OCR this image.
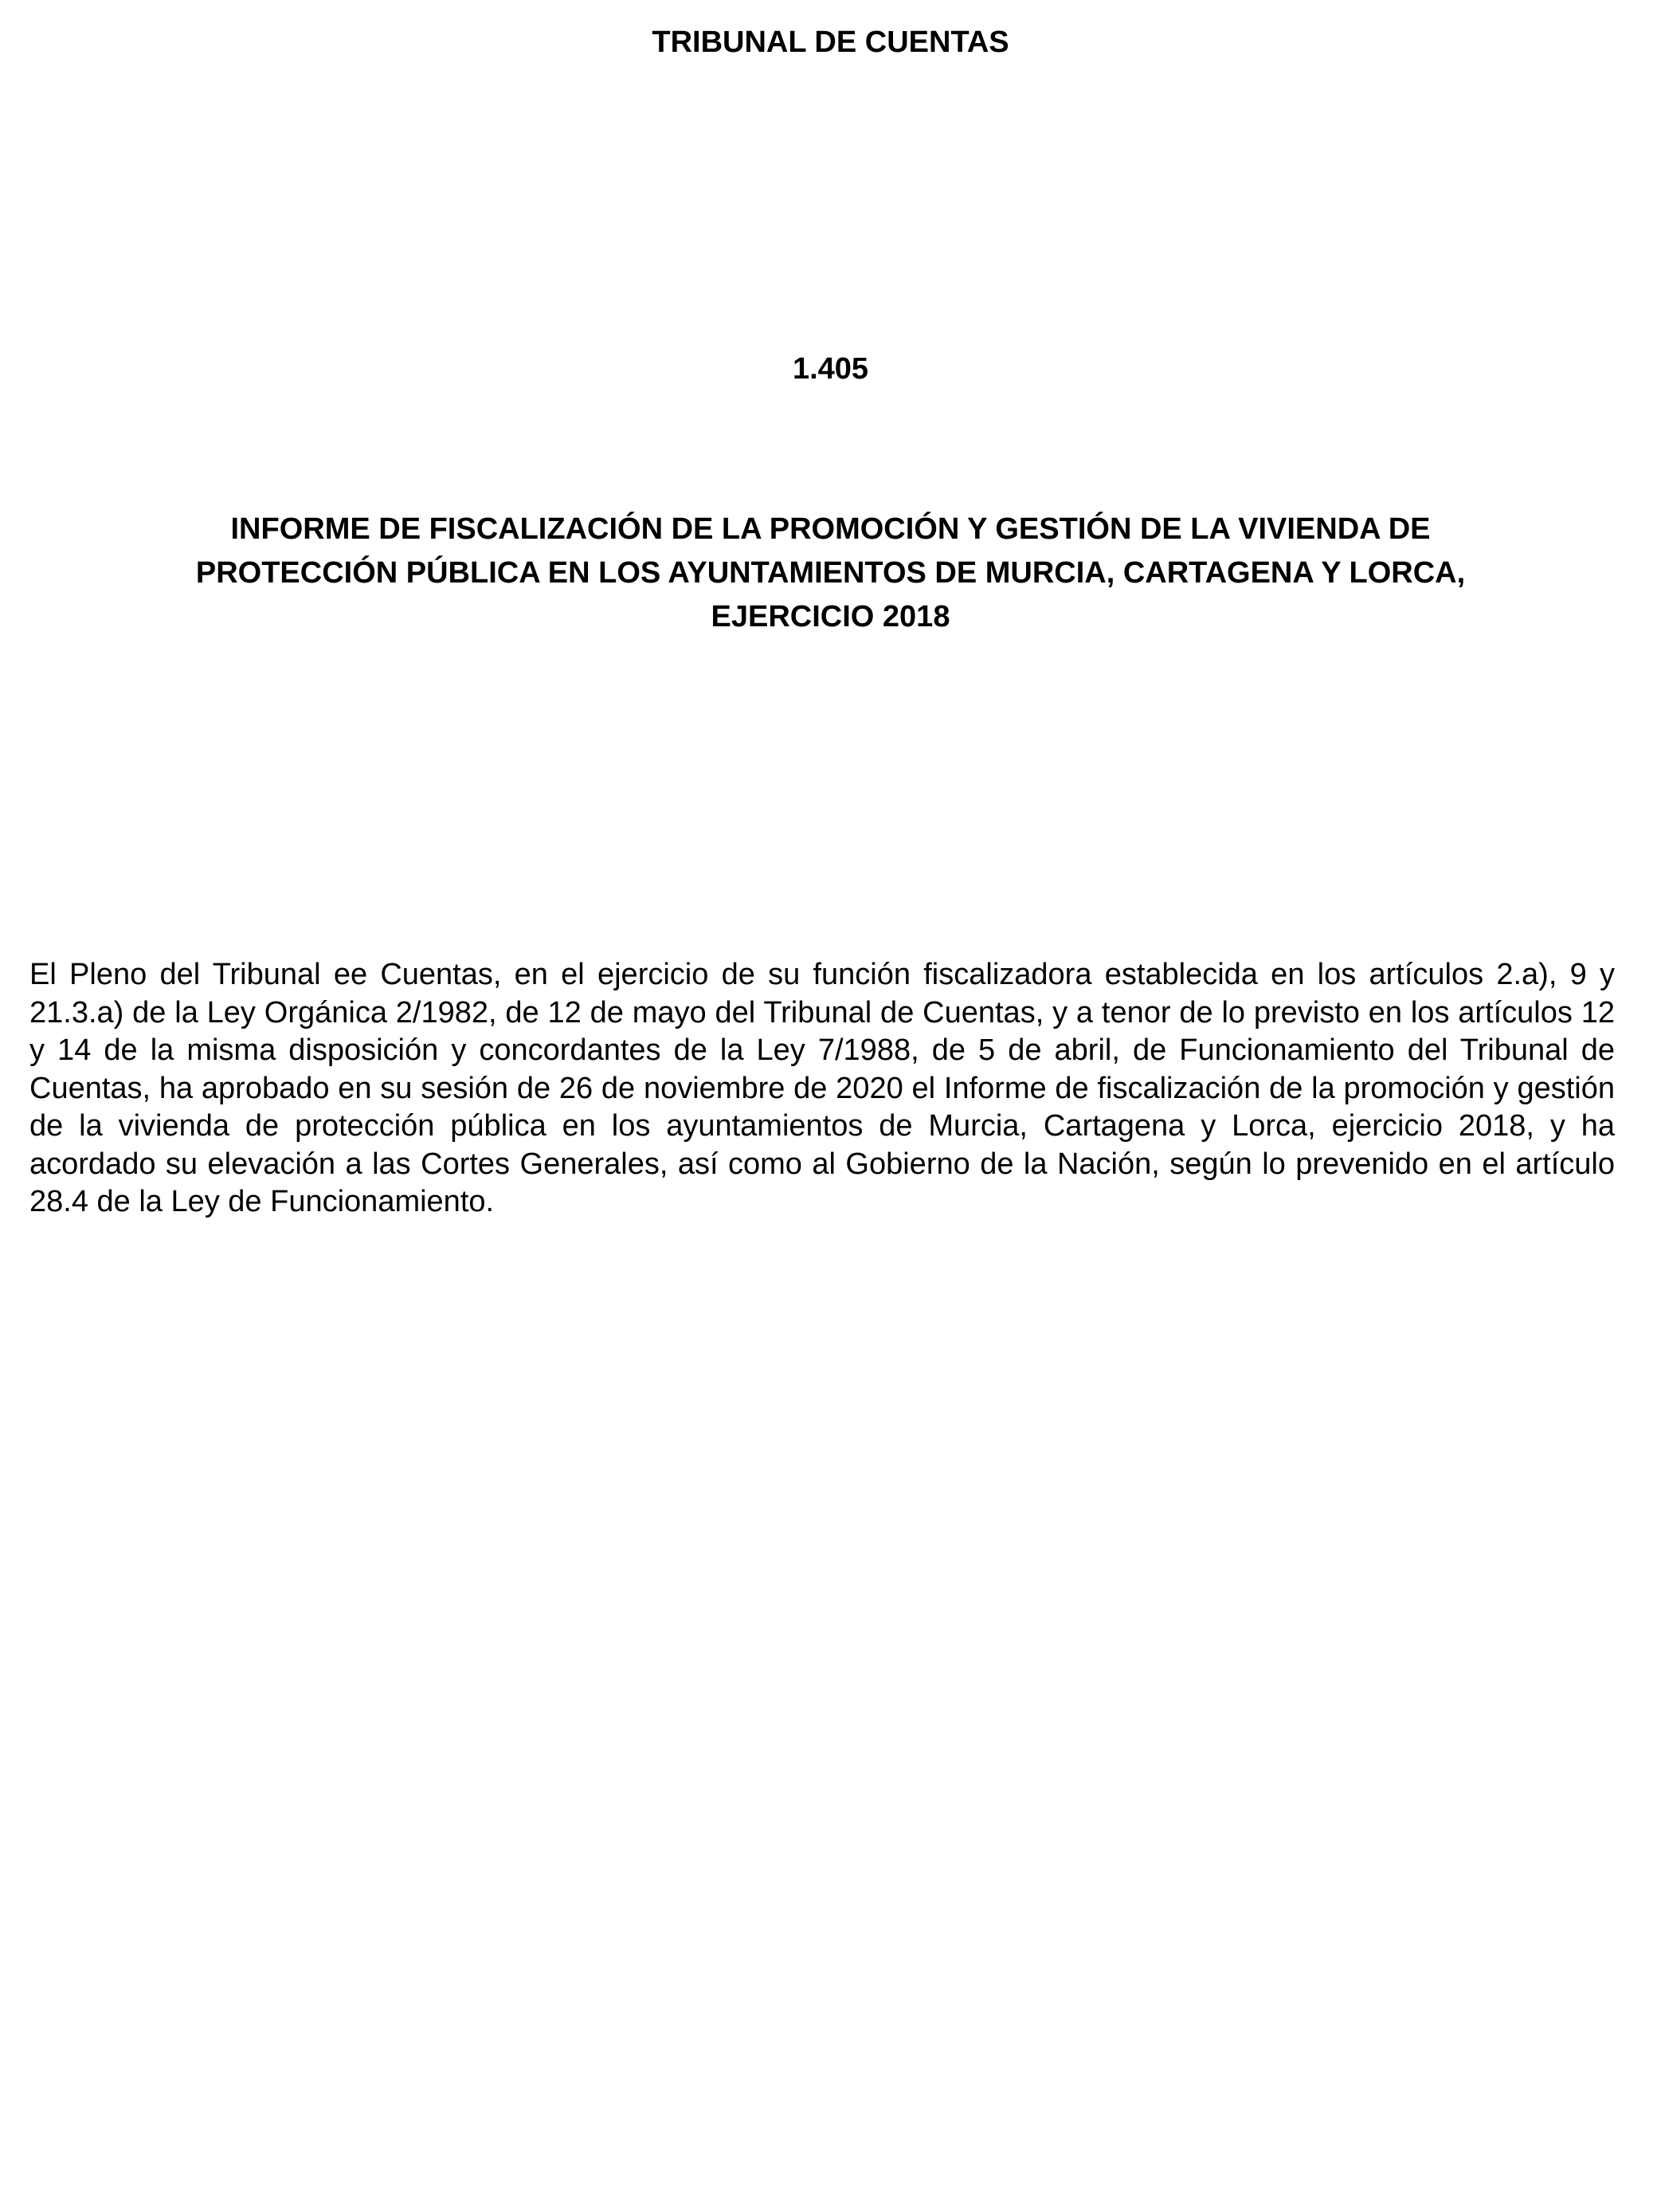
TRIBUNAL DE CUENTAS
1.405
INFORME DE FISCALIZACIÓN DE LA PROMOCIÓN Y GESTIÓN DE LA VIVIENDA DE
PROTECCIÓN PÚBLICA EN LOS AYUNTAMIENTOS DE MURCIA, CARTAGENA Y LORCA,
EJERCICIO 2018

El Pleno del Tribunal ee Cuentas, en el ejercicio de su función fiscalizadora establecida en los artículos 2.a), 9 y 21.3.a) de la Ley Orgánica 2/1982, de 12 de mayo del Tribunal de Cuentas, y a tenor de lo previsto en los artículos 12 y 14 de la misma disposición y concordantes de la Ley 7/1988, de 5 de abril, de Funcionamiento del Tribunal de Cuentas, ha aprobado en su sesión de 26 de noviembre de 2020 el Informe de fiscalización de la promoción y gestión de la vivienda de protección pública en los ayuntamientos de Murcia, Cartagena y Lorca, ejercicio 2018, y ha acordado su elevación a las Cortes Generales, así como al Gobierno de la Nación, según lo prevenido en el artículo 28.4 de la Ley de Funcionamiento.
